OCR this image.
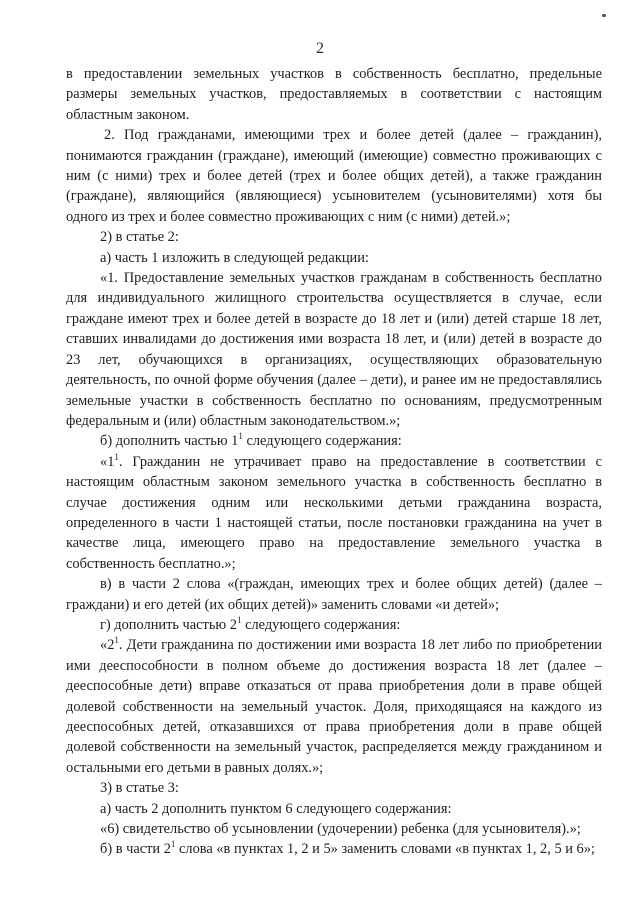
2

в предоставлении земельных участков в собственность бесплатно, предельные размеры земельных участков, предоставляемых в соответствии с настоящим областным законом.

2. Под гражданами, имеющими трех и более детей (далее – гражданин), понимаются гражданин (граждане), имеющий (имеющие) совместно проживающих с ним (с ними) трех и более детей (трех и более общих детей), а также гражданин (граждане), являющийся (являющиеся) усыновителем (усыновителями) хотя бы одного из трех и более совместно проживающих с ним (с ними) детей.»;

2) в статье 2:

а) часть 1 изложить в следующей редакции:

«1. Предоставление земельных участков гражданам в собственность бесплатно для индивидуального жилищного строительства осуществляется в случае, если граждане имеют трех и более детей в возрасте до 18 лет и (или) детей старше 18 лет, ставших инвалидами до достижения ими возраста 18 лет, и (или) детей в возрасте до 23 лет, обучающихся в организациях, осуществляющих образовательную деятельность, по очной форме обучения (далее – дети), и ранее им не предоставлялись земельные участки в собственность бесплатно по основаниям, предусмотренным федеральным и (или) областным законодательством.»;

б) дополнить частью $1^1$ следующего содержания:

«$1^1$. Гражданин не утрачивает право на предоставление в соответствии с настоящим областным законом земельного участка в собственность бесплатно в случае достижения одним или несколькими детьми гражданина возраста, определенного в части 1 настоящей статьи, после постановки гражданина на учет в качестве лица, имеющего право на предоставление земельного участка в собственность бесплатно.»;

в) в части 2 слова «(граждан, имеющих трех и более общих детей) (далее – граждани) и его детей (их общих детей)» заменить словами «и детей»;

г) дополнить частью $2^1$ следующего содержания:

«$2^1$. Дети гражданина по достижении ими возраста 18 лет либо по приобретении ими дееспособности в полном объеме до достижения возраста 18 лет (далее – дееспособные дети) вправе отказаться от права приобретения доли в праве общей долевой собственности на земельный участок. Доля, приходящаяся на каждого из дееспособных детей, отказавшихся от права приобретения доли в праве общей долевой собственности на земельный участок, распределяется между гражданином и остальными его детьми в равных долях.»;

3) в статье 3:

а) часть 2 дополнить пунктом 6 следующего содержания:

«6) свидетельство об усыновлении (удочерении) ребенка (для усыновителя).»;

б) в части $2^1$ слова «в пунктах 1, 2 и 5» заменить словами «в пунктах 1, 2, 5 и 6»;
